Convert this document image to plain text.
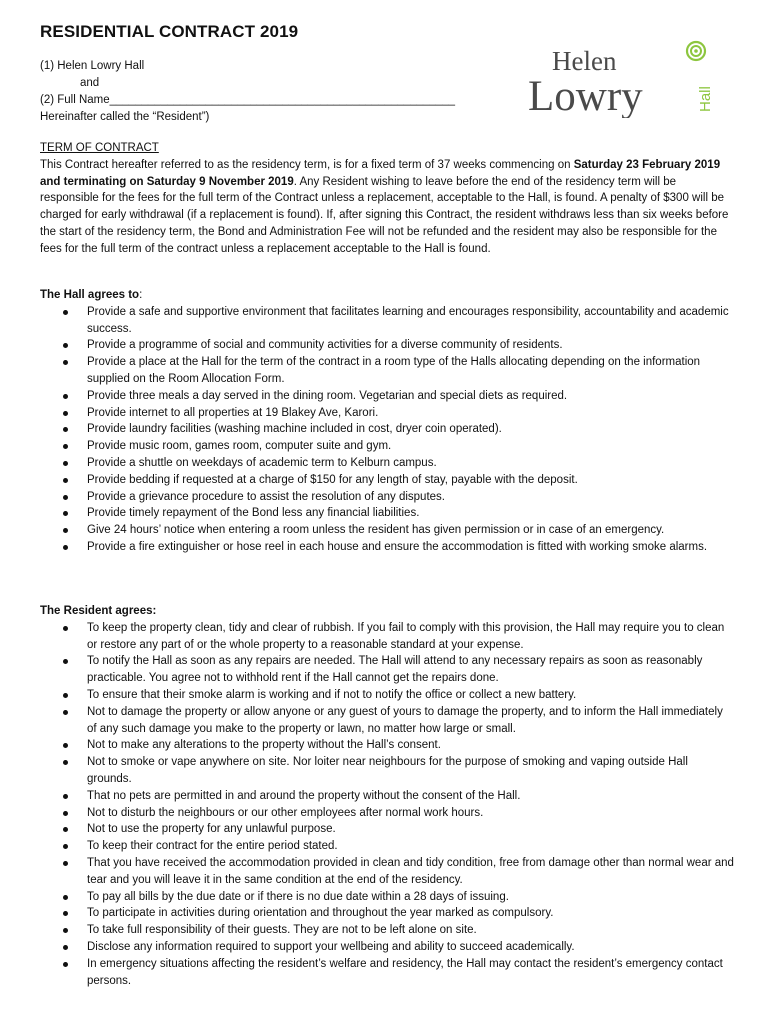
RESIDENTIAL CONTRACT 2019
(1) Helen Lowry Hall
and
(2) Full Name______________________________________________________
Hereinafter called the “Resident”)
Helen
Lowry	Hall
TERM OF CONTRACT

This Contract hereafter referred to as the residency term, is for a fixed term of 37 weeks commencing on Saturday 23 February 2019 and terminating on Saturday 9 November 2019. Any Resident wishing to leave before the end of the residency term will be responsible for the fees for the full term of the Contract unless a replacement, acceptable to the Hall, is found. A penalty of $300 will be charged for early withdrawal (if a replacement is found). If, after signing this Contract, the resident withdraws less than six weeks before the start of the residency term, the Bond and Administration Fee will not be refunded and the resident may also be responsible for the fees for the full term of the contract unless a replacement acceptable to the Hall is found.

The Hall agrees to:
Provide a safe and supportive environment that facilitates learning and encourages responsibility, accountability and academic success.
Provide a programme of social and community activities for a diverse community of residents.
Provide a place at the Hall for the term of the contract in a room type of the Halls allocating depending on the information supplied on the Room Allocation Form.
Provide three meals a day served in the dining room. Vegetarian and special diets as required.
Provide internet to all properties at 19 Blakey Ave, Karori.
Provide laundry facilities (washing machine included in cost, dryer coin operated).
Provide music room, games room, computer suite and gym.
Provide a shuttle on weekdays of academic term to Kelburn campus.
Provide bedding if requested at a charge of $150 for any length of stay, payable with the deposit.
Provide a grievance procedure to assist the resolution of any disputes.
Provide timely repayment of the Bond less any financial liabilities.
Give 24 hours’ notice when entering a room unless the resident has given permission or in case of an emergency.
Provide a fire extinguisher or hose reel in each house and ensure the accommodation is fitted with working smoke alarms.
The Resident agrees:
To keep the property clean, tidy and clear of rubbish. If you fail to comply with this provision, the Hall may require you to clean or restore any part of or the whole property to a reasonable standard at your expense.
To notify the Hall as soon as any repairs are needed. The Hall will attend to any necessary repairs as soon as reasonably practicable. You agree not to withhold rent if the Hall cannot get the repairs done.
To ensure that their smoke alarm is working and if not to notify the office or collect a new battery.
Not to damage the property or allow anyone or any guest of yours to damage the property, and to inform the Hall immediately of any such damage you make to the property or lawn, no matter how large or small.
Not to make any alterations to the property without the Hall’s consent.
Not to smoke or vape anywhere on site. Nor loiter near neighbours for the purpose of smoking and vaping outside Hall grounds.
That no pets are permitted in and around the property without the consent of the Hall.
Not to disturb the neighbours or our other employees after normal work hours.
Not to use the property for any unlawful purpose.
To keep their contract for the entire period stated.
That you have received the accommodation provided in clean and tidy condition, free from damage other than normal wear and tear and you will leave it in the same condition at the end of the residency.
To pay all bills by the due date or if there is no due date within a 28 days of issuing.
To participate in activities during orientation and throughout the year marked as compulsory.
To take full responsibility of their guests. They are not to be left alone on site.
Disclose any information required to support your wellbeing and ability to succeed academically.
In emergency situations affecting the resident’s welfare and residency, the Hall may contact the resident’s emergency contact persons.
